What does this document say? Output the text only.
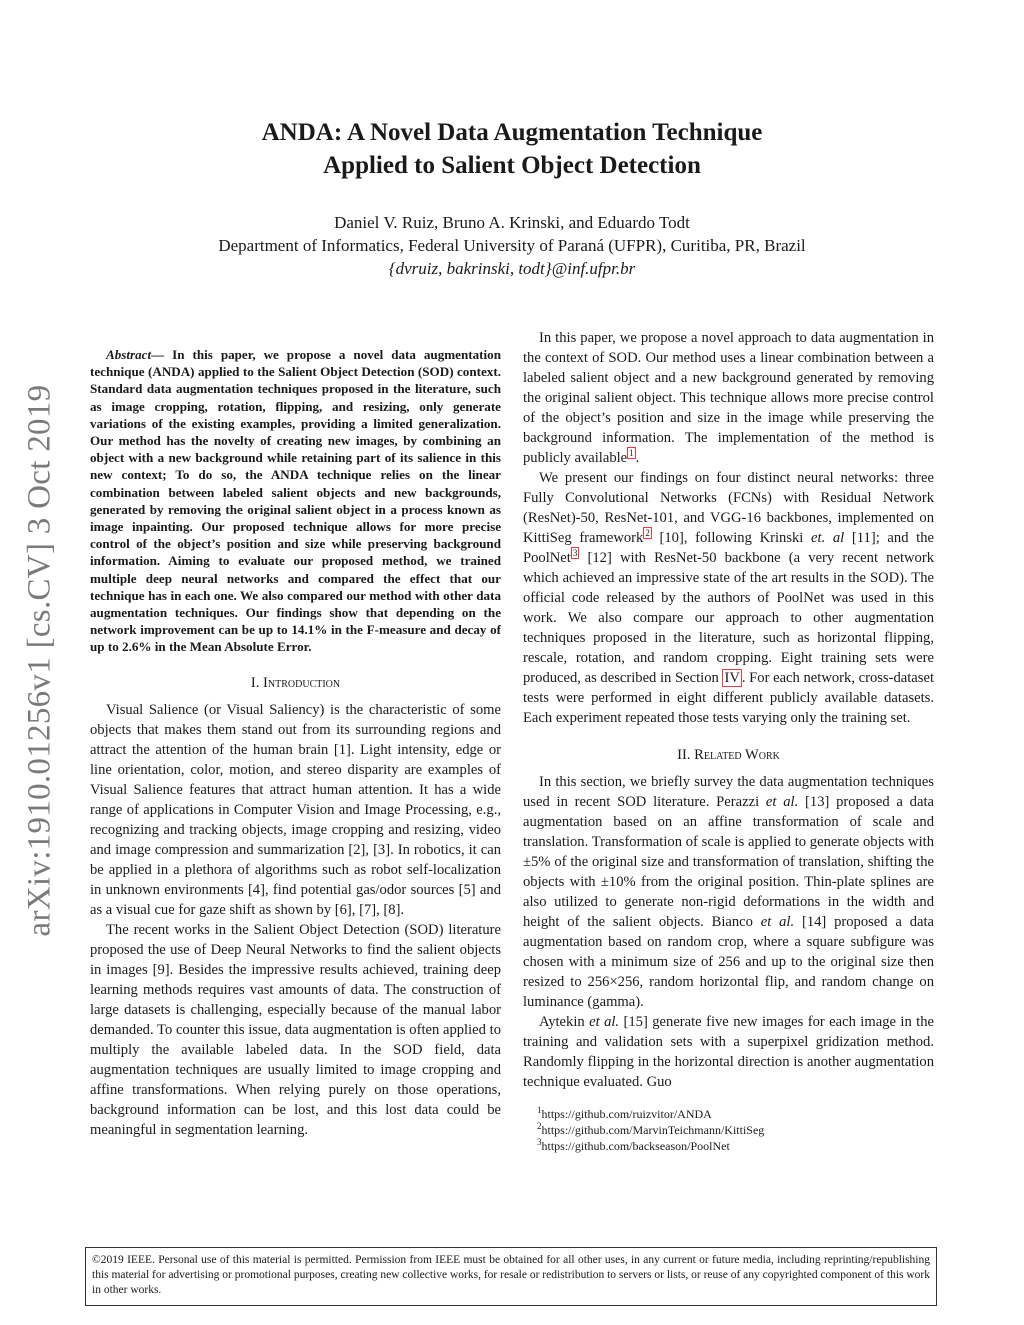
arXiv:1910.01256v1 [cs.CV] 3 Oct 2019
ANDA: A Novel Data Augmentation Technique
Applied to Salient Object Detection
Daniel V. Ruiz, Bruno A. Krinski, and Eduardo Todt
Department of Informatics, Federal University of Paraná (UFPR), Curitiba, PR, Brazil
{dvruiz, bakrinski, todt}@inf.ufpr.br

Abstract— In this paper, we propose a novel data augmentation technique (ANDA) applied to the Salient Object Detection (SOD) context. Standard data augmentation techniques proposed in the literature, such as image cropping, rotation, flipping, and resizing, only generate variations of the existing examples, providing a limited generalization. Our method has the novelty of creating new images, by combining an object with a new background while retaining part of its salience in this new context; To do so, the ANDA technique relies on the linear combination between labeled salient objects and new backgrounds, generated by removing the original salient object in a process known as image inpainting. Our proposed technique allows for more precise control of the object’s position and size while preserving background information. Aiming to evaluate our proposed method, we trained multiple deep neural networks and compared the effect that our technique has in each one. We also compared our method with other data augmentation techniques. Our findings show that depending on the network improvement can be up to 14.1% in the F-measure and decay of up to 2.6% in the Mean Absolute Error.

I. Introduction

Visual Salience (or Visual Saliency) is the characteristic of some objects that makes them stand out from its surrounding regions and attract the attention of the human brain [1]. Light intensity, edge or line orientation, color, motion, and stereo disparity are examples of Visual Salience features that attract human attention. It has a wide range of applications in Computer Vision and Image Processing, e.g., recognizing and tracking objects, image cropping and resizing, video and image compression and summarization [2], [3]. In robotics, it can be applied in a plethora of algorithms such as robot self-localization in unknown environments [4], find potential gas/odor sources [5] and as a visual cue for gaze shift as shown by [6], [7], [8].

The recent works in the Salient Object Detection (SOD) literature proposed the use of Deep Neural Networks to find the salient objects in images [9]. Besides the impressive results achieved, training deep learning methods requires vast amounts of data. The construction of large datasets is challenging, especially because of the manual labor demanded. To counter this issue, data augmentation is often applied to multiply the available labeled data. In the SOD field, data augmentation techniques are usually limited to image cropping and affine transformations. When relying purely on those operations, background information can be lost, and this lost data could be meaningful in segmentation learning.

In this paper, we propose a novel approach to data augmentation in the context of SOD. Our method uses a linear combination between a labeled salient object and a new background generated by removing the original salient object. This technique allows more precise control of the object’s position and size in the image while preserving the background information. The implementation of the method is publicly available $^1$ .

We present our findings on four distinct neural networks: three Fully Convolutional Networks (FCNs) with Residual Network (ResNet)-50, ResNet-101, and VGG-16 backbones, implemented on KittiSeg framework $^2$ [10], following Krinski et. al [11]; and the PoolNet $^3$ [12] with ResNet-50 backbone (a very recent network which achieved an impressive state of the art results in the SOD). The official code released by the authors of PoolNet was used in this work. We also compare our approach to other augmentation techniques proposed in the literature, such as horizontal flipping, rescale, rotation, and random cropping. Eight training sets were produced, as described in Section IV . For each network, cross-dataset tests were performed in eight different publicly available datasets. Each experiment repeated those tests varying only the training set.

II. Related Work

In this section, we briefly survey the data augmentation techniques used in recent SOD literature. Perazzi et al. [13] proposed a data augmentation based on an affine transformation of scale and translation. Transformation of scale is applied to generate objects with ±5% of the original size and transformation of translation, shifting the objects with ±10% from the original position. Thin-plate splines are also utilized to generate non-rigid deformations in the width and height of the salient objects. Bianco et al. [14] proposed a data augmentation based on random crop, where a square subfigure was chosen with a minimum size of 256 and up to the original size then resized to 256×256, random horizontal flip, and random change on luminance (gamma).

Aytekin et al. [15] generate five new images for each image in the training and validation sets with a superpixel gridization method. Randomly flipping in the horizontal direction is another augmentation technique evaluated. Guo

$^1$https://github.com/ruizvitor/ANDA
$^2$https://github.com/MarvinTeichmann/KittiSeg
$^3$https://github.com/backseason/PoolNet
©2019 IEEE. Personal use of this material is permitted. Permission from IEEE must be obtained for all other uses, in any current or future media, including reprinting/republishing this material for advertising or promotional purposes, creating new collective works, for resale or redistribution to servers or lists, or reuse of any copyrighted component of this work in other works.
